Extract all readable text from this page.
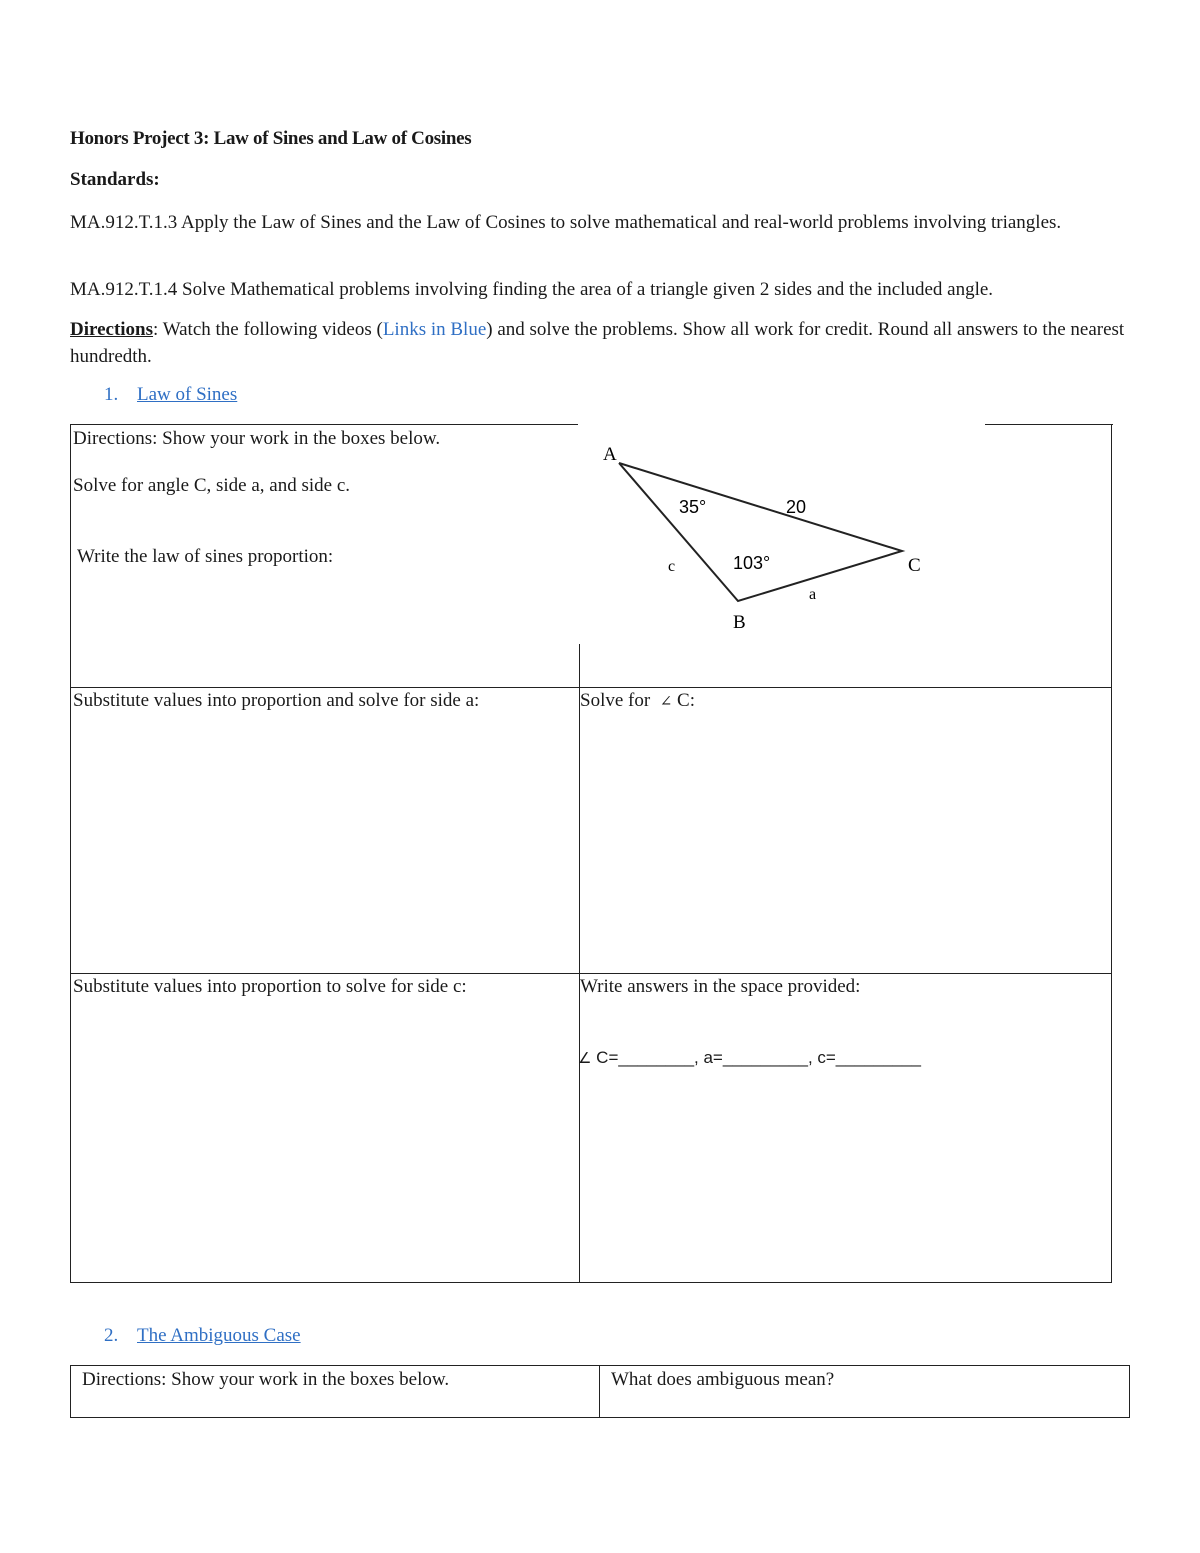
Honors Project 3: Law of Sines and Law of Cosines
Standards:
MA.912.T.1.3 Apply the Law of Sines and the Law of Cosines to solve mathematical and real-world problems involving triangles.
MA.912.T.1.4 Solve Mathematical problems involving finding the area of a triangle given 2 sides and the included angle.
Directions: Watch the following videos (Links in Blue) and solve the problems. Show all work for credit. Round all answers to the nearest hundredth.
1. Law of Sines
Directions: Show your work in the boxes below.
Solve for angle C, side a, and side c.
Write the law of sines proportion:
Substitute values into proportion and solve for side a:	Solve for  ∠ C:
Substitute values into proportion to solve for side c:	Write answers in the space provided:
∠ C=________, a=_________, c=_________
A
B
C
35°
103°
20
c
a
2. The Ambiguous Case
Directions: Show your work in the boxes below.	What does ambiguous mean?
